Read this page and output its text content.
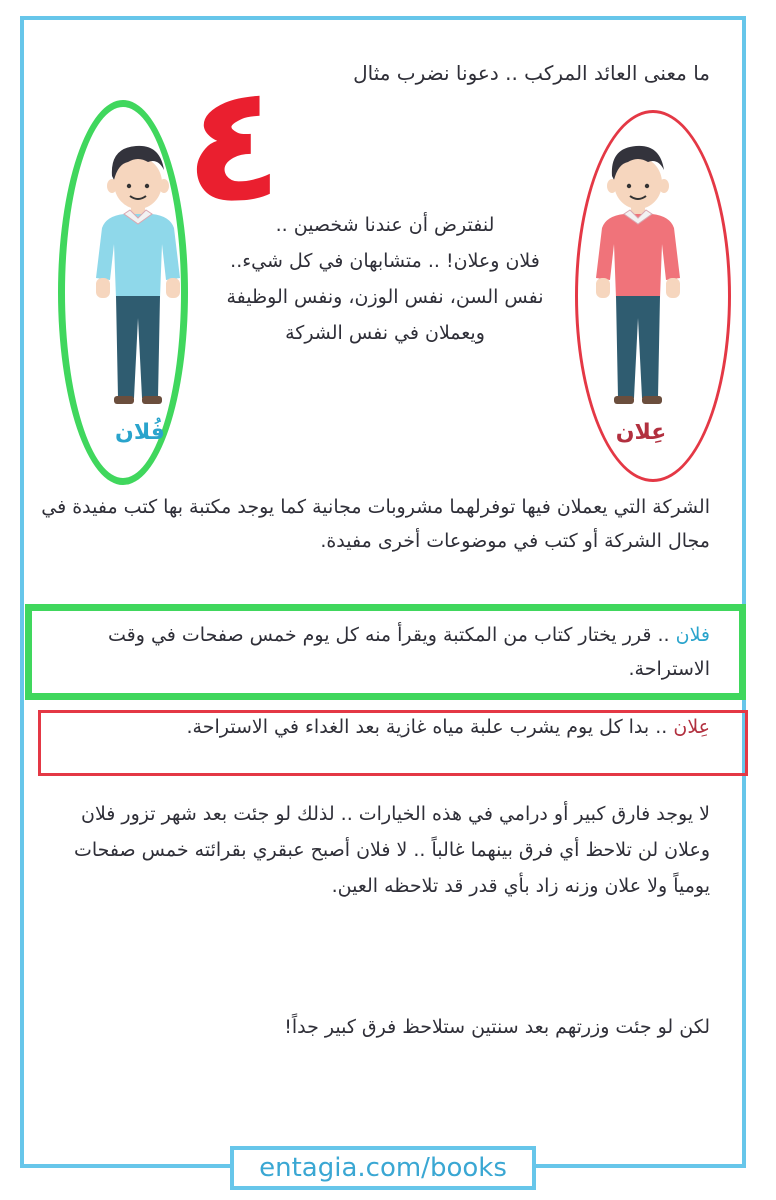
ما معنى العائد المركب .. دعونا نضرب مثال
٤
فُلان	عِلان
لنفترض أن عندنا شخصين ..
فلان وعلان! .. متشابهان في كل شيء..
نفس السن، نفس الوزن، ونفس الوظيفة
ويعملان في نفس الشركة
الشركة التي يعملان فيها توفرلهما مشروبات مجانية كما يوجد مكتبة بها كتب مفيدة في مجال الشركة أو كتب في موضوعات أخرى مفيدة.
فلان .. قرر يختار كتاب من المكتبة ويقرأ منه كل يوم خمس صفحات في وقت الاستراحة.
عِلان .. بدا كل يوم يشرب علبة مياه غازية بعد الغداء في الاستراحة.
لا يوجد فارق كبير أو درامي في هذه الخيارات .. لذلك لو جئت بعد شهر تزور فلان وعلان لن تلاحظ أي فرق بينهما غالباً .. لا فلان أصبح عبقري بقرائته خمس صفحات يومياً ولا علان وزنه زاد بأي قدر قد تلاحظه العين.
لكن لو جئت وزرتهم بعد سنتين ستلاحظ فرق كبير جداً!
entagia.com/books
